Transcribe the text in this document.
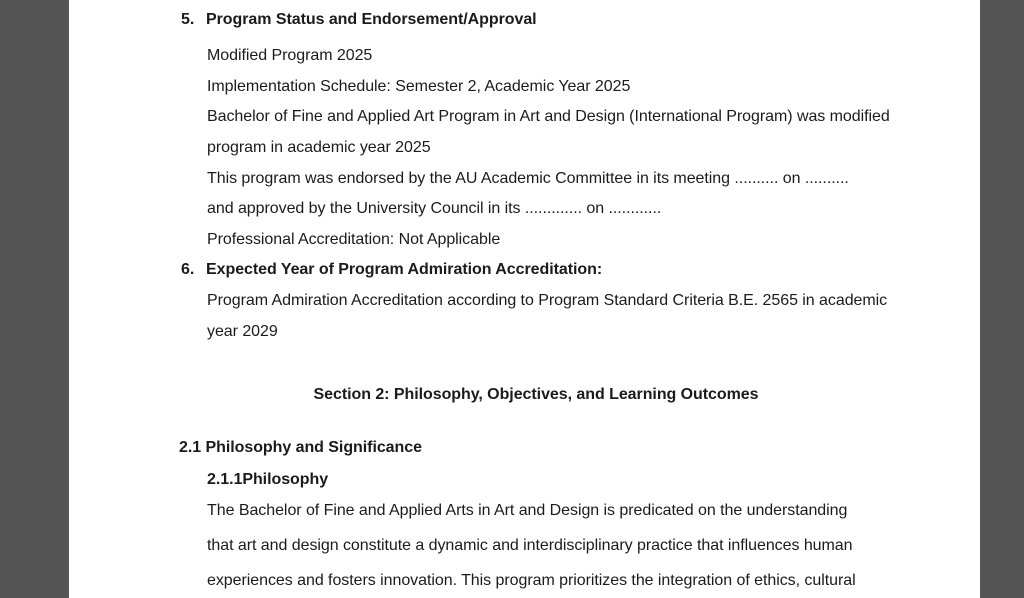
5. Program Status and Endorsement/Approval
Modified Program 2025
Implementation Schedule: Semester 2, Academic Year 2025
Bachelor of Fine and Applied Art Program in Art and Design (International Program) was modified
program in academic year 2025
This program was endorsed by the AU Academic Committee in its meeting .......... on ..........
and approved by the University Council in its ............. on ............
Professional Accreditation: Not Applicable
6. Expected Year of Program Admiration Accreditation:
Program Admiration Accreditation according to Program Standard Criteria B.E. 2565 in academic
year 2029
Section 2: Philosophy, Objectives, and Learning Outcomes
2.1 Philosophy and Significance
2.1.1Philosophy
The Bachelor of Fine and Applied Arts in Art and Design is predicated on the understanding
that art and design constitute a dynamic and interdisciplinary practice that influences human
experiences and fosters innovation. This program prioritizes the integration of ethics, cultural
